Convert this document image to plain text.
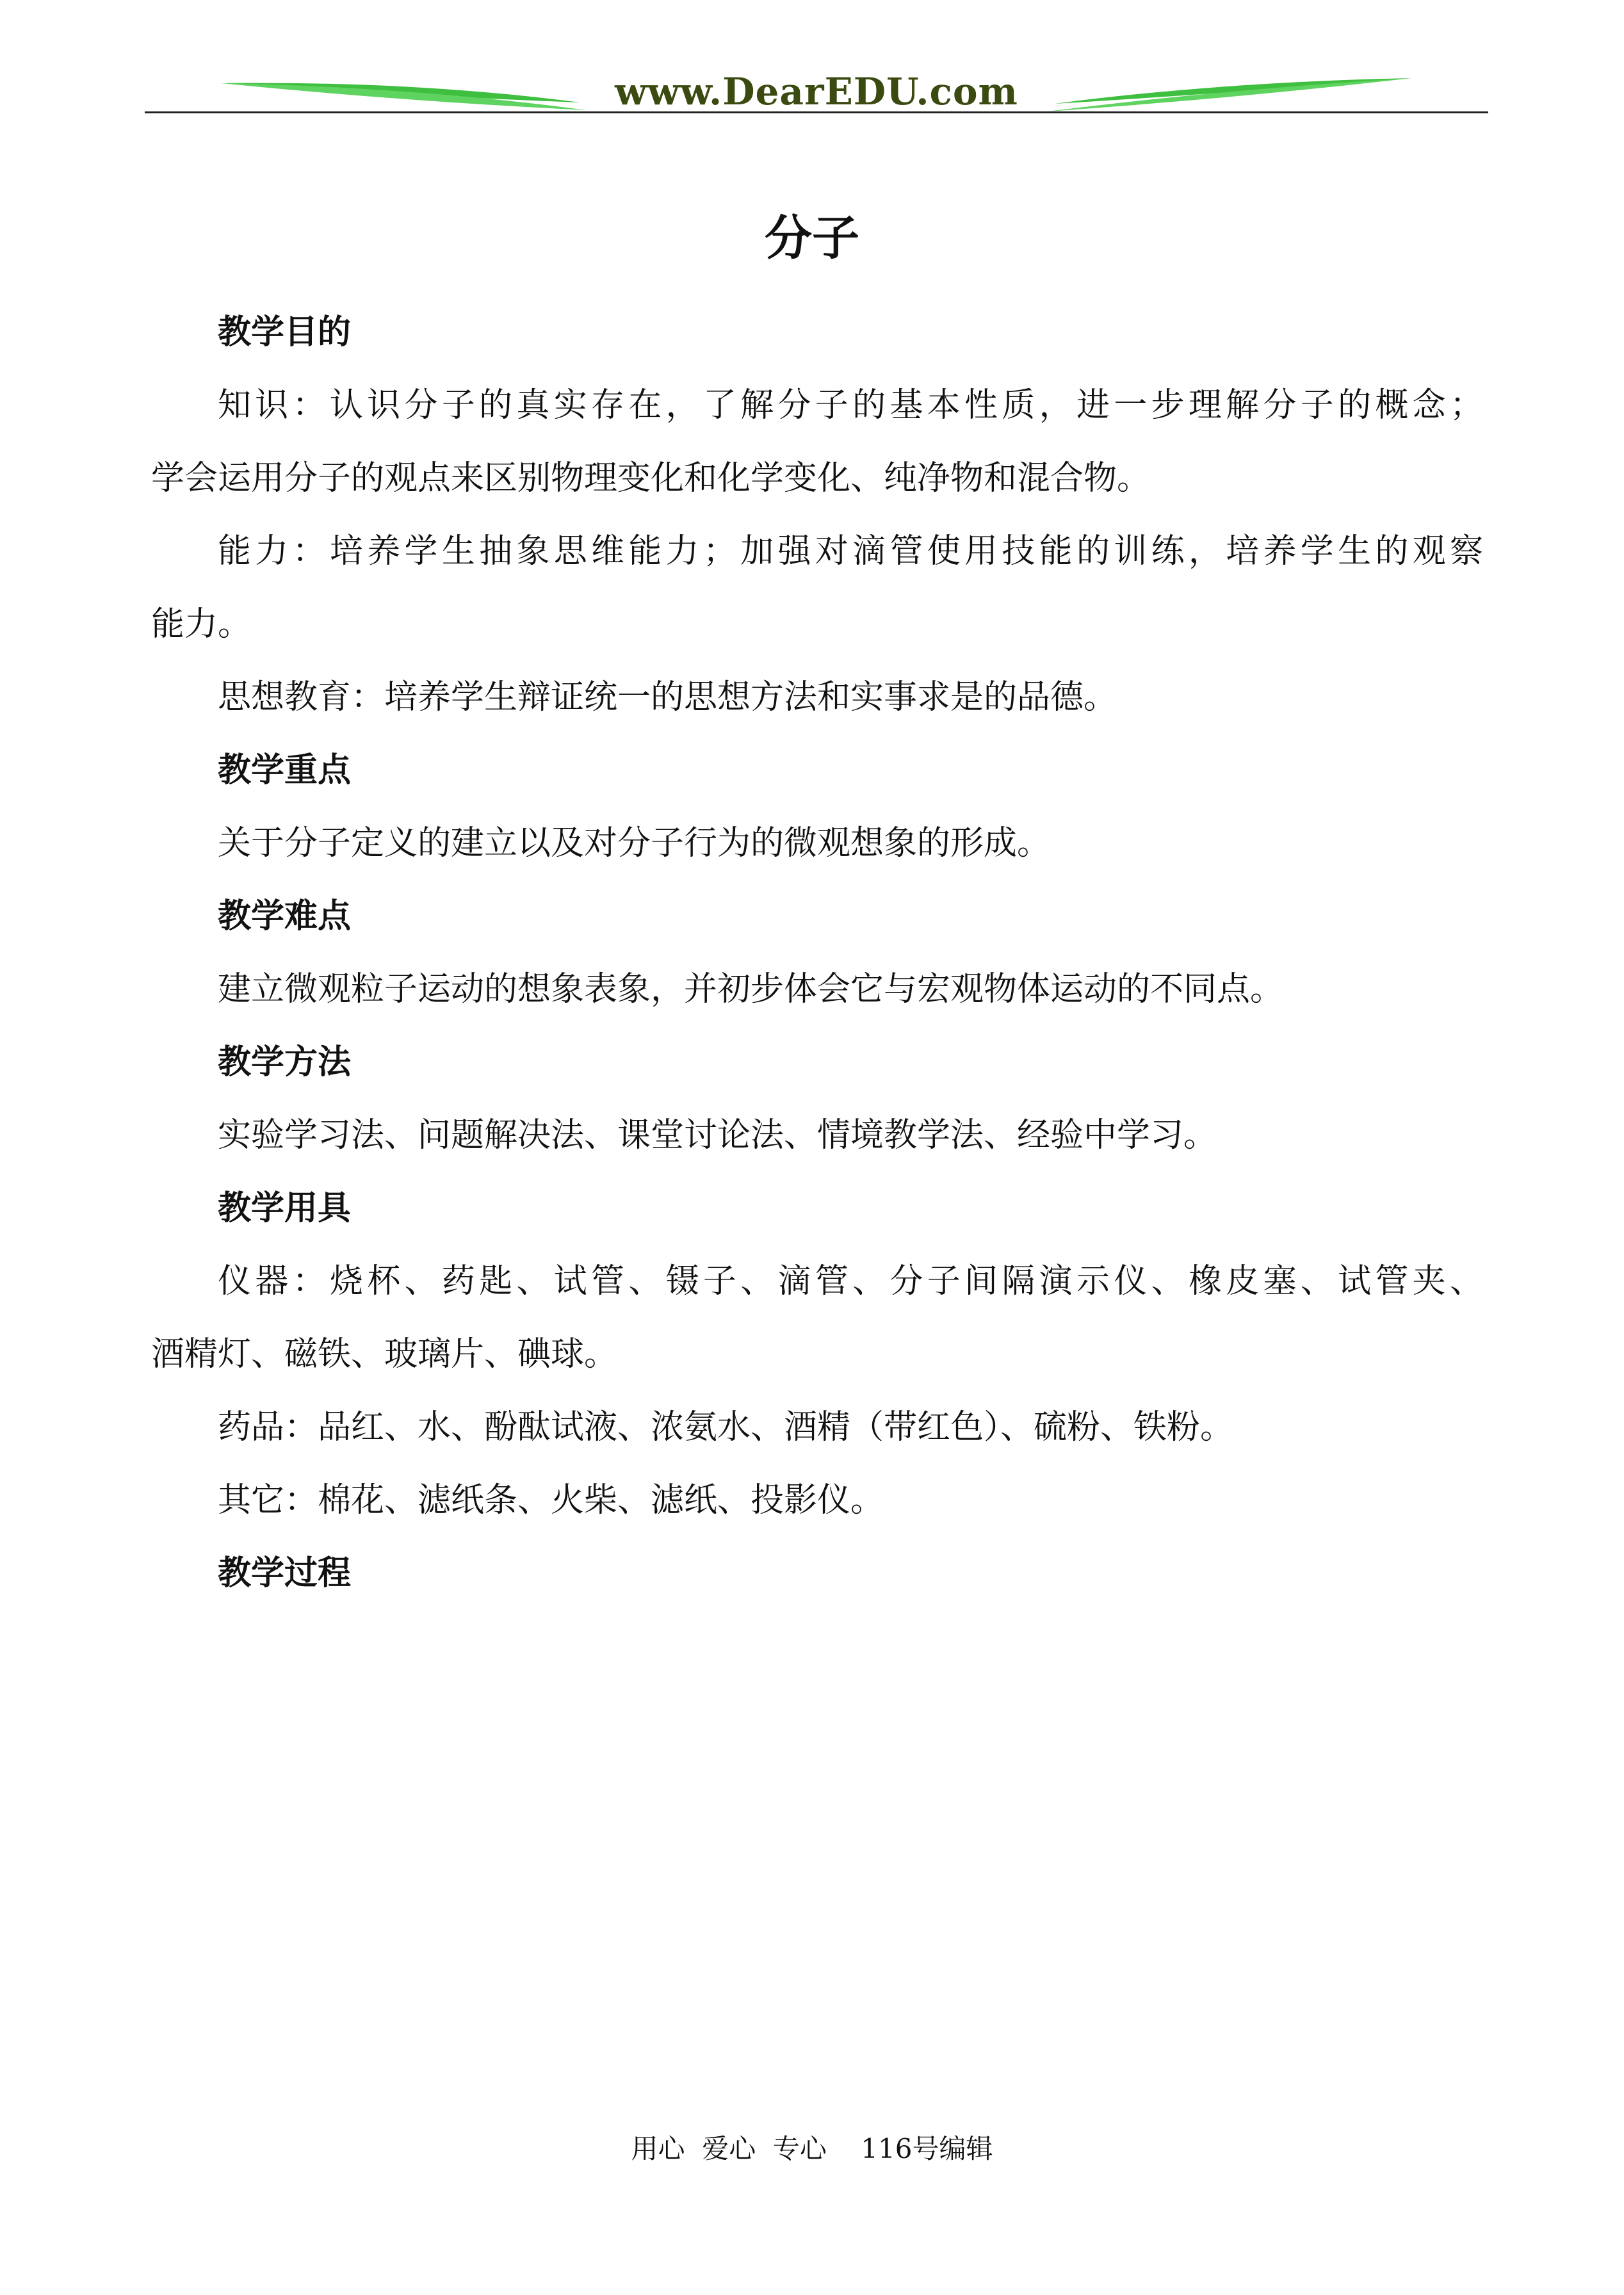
www.DearEDU.com
分子
教学目的
知识：认识分子的真实存在，了解分子的基本性质，进一步理解分子的概念；
学会运用分子的观点来区别物理变化和化学变化、纯净物和混合物。
能力：培养学生抽象思维能力；加强对滴管使用技能的训练，培养学生的观察
能力。
思想教育：培养学生辩证统一的思想方法和实事求是的品德。
教学重点
关于分子定义的建立以及对分子行为的微观想象的形成。
教学难点
建立微观粒子运动的想象表象，并初步体会它与宏观物体运动的不同点。
教学方法
实验学习法、问题解决法、课堂讨论法、情境教学法、经验中学习。
教学用具
仪器：烧杯、药匙、试管、镊子、滴管、分子间隔演示仪、橡皮塞、试管夹、
酒精灯、磁铁、玻璃片、碘球。
药品：品红、水、酚酞试液、浓氨水、酒精（带红色）、硫粉、铁粉。
其它：棉花、滤纸条、火柴、滤纸、投影仪。
教学过程
用心  爱心  专心    116号编辑
